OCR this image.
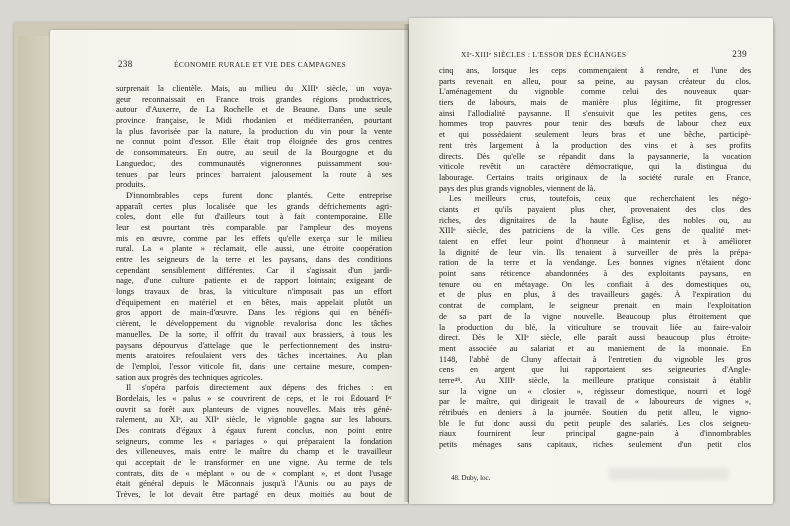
238	ÉCONOMIE RURALE ET VIE DES CAMPAGNES
surprenait la clientèle. Mais, au milieu du XIIIᵉ siècle, un voya-
geur reconnaissait en France trois grandes régions productrices,
autour d'Auxerre, de La Rochelle et de Beaune. Dans une seule
province française, le Midi rhodanien et méditerranéen, pourtant
la plus favorisée par la nature, la production du vin pour la vente
ne connut point d'essor. Elle était trop éloignée des gros centres
de consommateurs. En outre, au seuil de la Bourgogne et du
Languedoc, des communautés vigneronnes puissamment sou-
tenues par leurs princes barraient jalousement la route à ses
produits.
D'innombrables ceps furent donc plantés. Cette entreprise
apparaît certes plus localisée que les grands défrichements agri-
coles, dont elle fut d'ailleurs tout à fait contemporaine. Elle
leur est pourtant très comparable par l'ampleur des moyens
mis en œuvre, comme par les effets qu'elle exerça sur le milieu
rural. La « plante » réclamait, elle aussi, une étroite coopération
entre les seigneurs de la terre et les paysans, dans des conditions
cependant sensiblement différentes. Car il s'agissait d'un jardi-
nage, d'une culture patiente et de rapport lointain; exigeant de
longs travaux de bras, la viticulture n'imposait pas un effort
d'équipement en matériel et en bêtes, mais appelait plutôt un
gros apport de main-d'œuvre. Dans les régions qui en bénéfi-
cièrent, le développement du vignoble revalorisa donc les tâches
manuelles. De la sorte, il offrit du travail aux brassiers, à tous les
paysans dépourvus d'attelage que le perfectionnement des instru-
ments aratoires refoulaient vers des tâches incertaines. Au plan
de l'emploi, l'essor viticole fit, dans une certaine mesure, compen-
sation aux progrès des techniques agricoles.
Il s'opéra parfois directement aux dépens des friches : en
Bordelais, les « palus » se couvrirent de ceps, et le roi Édouard Iᵉʳ
ouvrit sa forêt aux planteurs de vignes nouvelles. Mais très géné-
ralement, au XIᵉ, au XIIᵉ siècle, le vignoble gagna sur les labours.
Des contrats d'égaux à égaux furent conclus, non point entre
seigneurs, comme les « pariages » qui préparaient la fondation
des villeneuves, mais entre le maître du champ et le travailleur
qui acceptait de le transformer en une vigne. Au terme de tels
contrats, dits de « méplant » ou de « complant », et dont l'usage
était général depuis le Mâconnais jusqu'à l'Aunis ou au pays de
Trèves, le lot devait être partagé en deux moitiés au bout de
XIᵉ-XIIIᵉ SIÈCLES : L'ESSOR DES ÉCHANGES	239
cinq ans, lorsque les ceps commençaient à rendre, et l'une des
parts revenait en alleu, pour sa peine, au paysan créateur du clos.
L'aménagement du vignoble comme celui des nouveaux quar-
tiers de labours, mais de manière plus légitime, fit progresser
ainsi l'allodialité paysanne. Il s'ensuivit que les petites gens, ces
hommes trop pauvres pour tenir des bœufs de labour chez eux
et qui possédaient seulement leurs bras et une bêche, participè-
rent très largement à la production des vins et à ses profits
directs. Dès qu'elle se répandit dans la paysannerie, la vocation
viticole revêtit un caractère démocratique, qui la distingua du
labourage. Certains traits originaux de la société rurale en France,
pays des plus grands vignobles, viennent de là.
Les meilleurs crus, toutefois, ceux que recherchaient les négo-
ciants et qu'ils payaient plus cher, provenaient des clos des
riches, des dignitaires de la haute Église, des nobles ou, au
XIIIᵉ siècle, des patriciens de la ville. Ces gens de qualité met-
taient en effet leur point d'honneur à maintenir et à améliorer
la dignité de leur vin. Ils tenaient à surveiller de près la prépa-
ration de la terre et la vendange. Les bonnes vignes n'étaient donc
point sans réticence abandonnées à des exploitants paysans, en
tenure ou en métayage. On les confiait à des domestiques ou,
et de plus en plus, à des travailleurs gagés. À l'expiration du
contrat de complant, le seigneur prenait en main l'exploitation
de sa part de la vigne nouvelle. Beaucoup plus étroitement que
la production du blé, la viticulture se trouvait liée au faire-valoir
direct. Dès le XIIᵉ siècle, elle paraît aussi beaucoup plus étroite-
ment associée au salariat et au maniement de la monnaie. En
1148, l'abbé de Cluny affectait à l'entretien du vignoble les gros
cens en argent que lui rapportaient ses seigneuries d'Angle-
terre⁴⁸. Au XIIIᵉ siècle, la meilleure pratique consistait à établir
sur la vigne un « closier », régisseur domestique, nourri et logé
par le maître, qui dirigeait le travail de « laboureurs de vignes »,
rétribués en deniers à la journée. Soutien du petit alleu, le vigno-
ble le fut donc aussi du petit peuple des salariés. Les clos seigneu-
riaux fournirent leur principal gagne-pain à d'innombrables
petits ménages sans capitaux, riches seulement d'un petit clos
48. Duby, loc.
